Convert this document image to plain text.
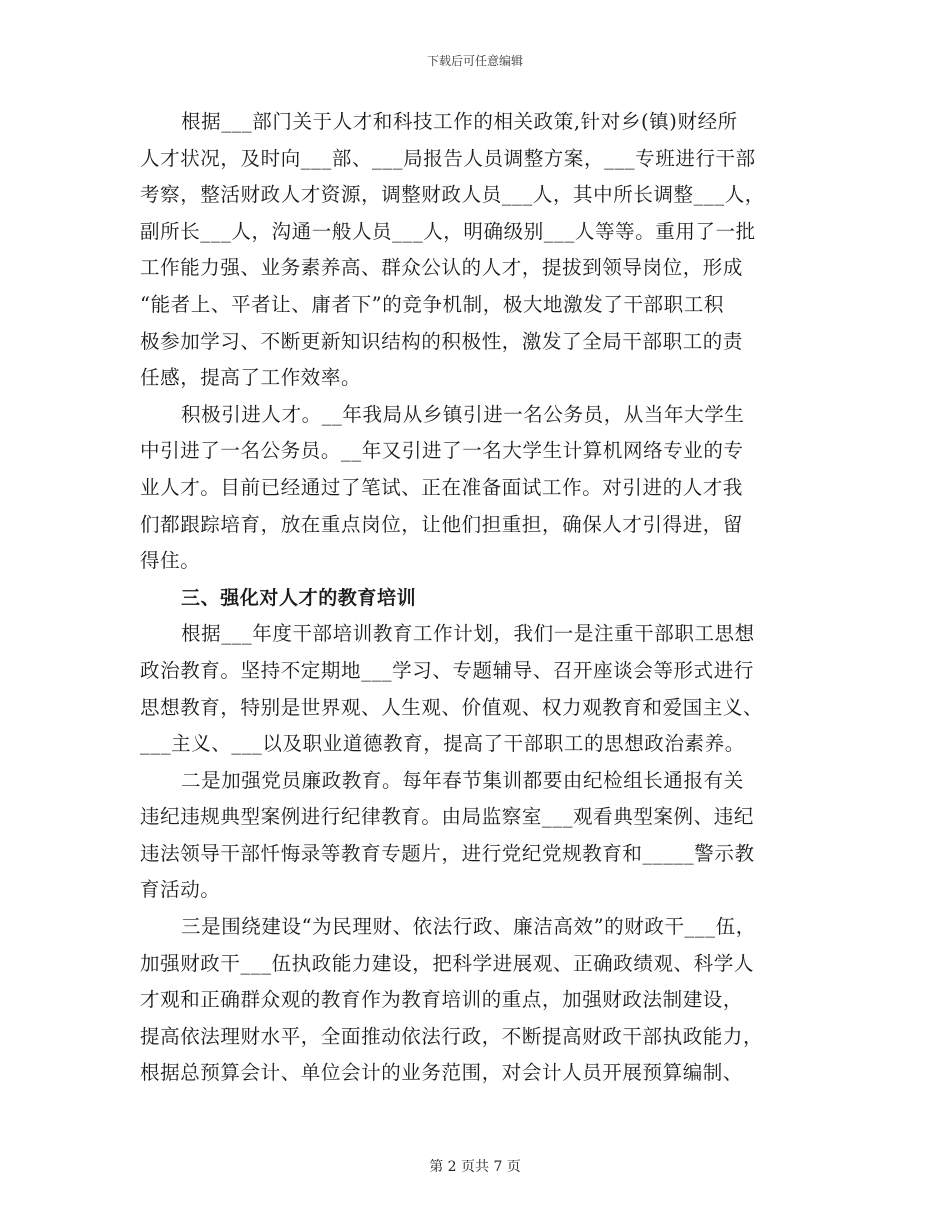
下载后可任意编辑
根据___部门关于人才和科技工作的相关政策,针对乡(镇)财经所
人才状况，及时向___部、___局报告人员调整方案，___专班进行干部
考察，整活财政人才资源，调整财政人员___人，其中所长调整___人，
副所长___人，沟通一般人员___人，明确级别___人等等。重用了一批
工作能力强、业务素养高、群众公认的人才，提拔到领导岗位，形成
“能者上、平者让、庸者下”的竞争机制，极大地激发了干部职工积
极参加学习、不断更新知识结构的积极性，激发了全局干部职工的责
任感，提高了工作效率。
积极引进人才。__年我局从乡镇引进一名公务员，从当年大学生
中引进了一名公务员。__年又引进了一名大学生计算机网络专业的专
业人才。目前已经通过了笔试、正在准备面试工作。对引进的人才我
们都跟踪培育，放在重点岗位，让他们担重担，确保人才引得进，留
得住。
三、强化对人才的教育培训
根据___年度干部培训教育工作计划，我们一是注重干部职工思想
政治教育。坚持不定期地___学习、专题辅导、召开座谈会等形式进行
思想教育，特别是世界观、人生观、价值观、权力观教育和爱国主义、
___主义、___以及职业道德教育，提高了干部职工的思想政治素养。
二是加强党员廉政教育。每年春节集训都要由纪检组长通报有关
违纪违规典型案例进行纪律教育。由局监察室___观看典型案例、违纪
违法领导干部忏悔录等教育专题片，进行党纪党规教育和_____警示教
育活动。
三是围绕建设“为民理财、依法行政、廉洁高效”的财政干___伍，
加强财政干___伍执政能力建设，把科学进展观、正确政绩观、科学人
才观和正确群众观的教育作为教育培训的重点，加强财政法制建设，
提高依法理财水平，全面推动依法行政，不断提高财政干部执政能力，
根据总预算会计、单位会计的业务范围，对会计人员开展预算编制、
第 2 页共 7 页
